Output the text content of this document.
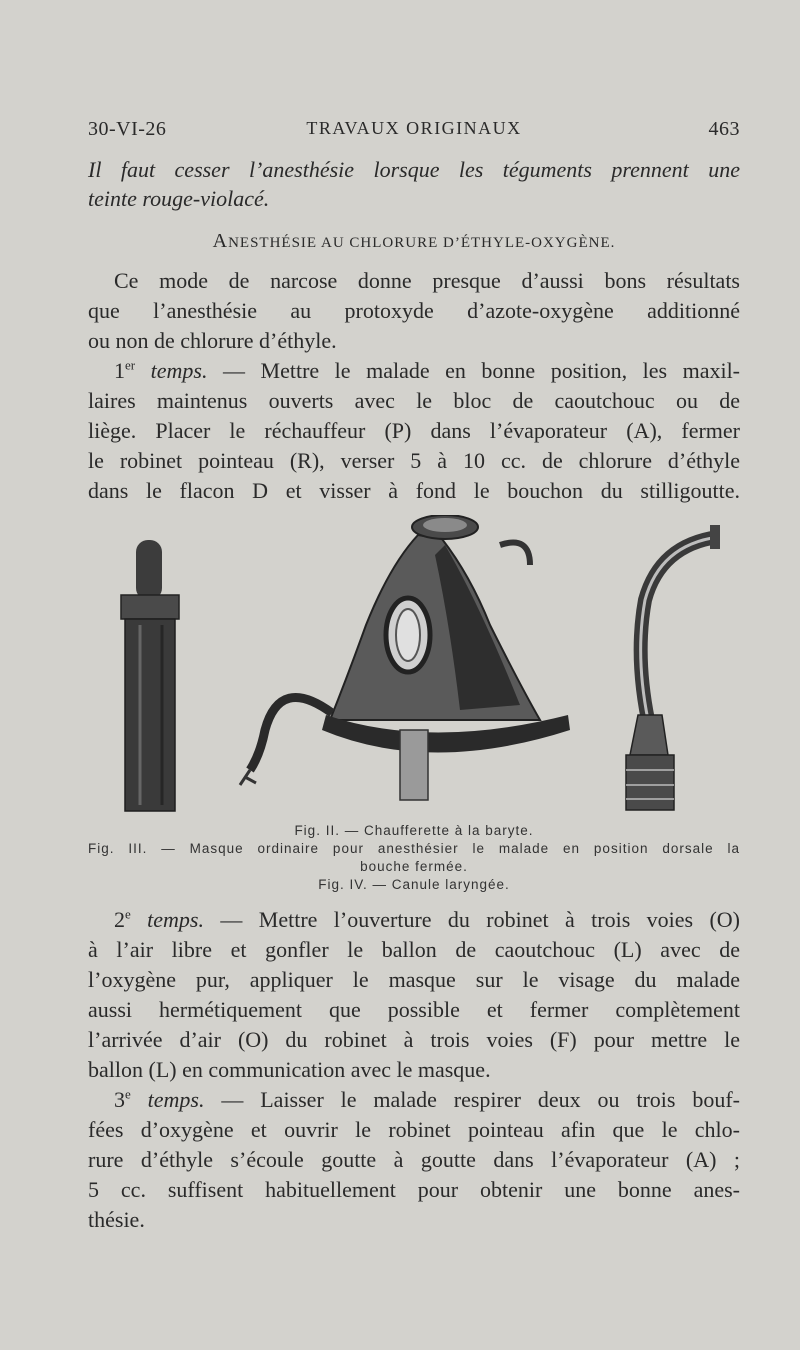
30-VI-26	TRAVAUX ORIGINAUX	463
Il faut cesser l’anesthésie lorsque les téguments prennent une
teinte rouge-violacé.
ANESTHÉSIE AU CHLORURE D’ÉTHYLE-OXYGÈNE.
Ce mode de narcose donne presque d’aussi bons résultats
que l’anesthésie au protoxyde d’azote-oxygène additionné
ou non de chlorure d’éthyle.
1er temps. — Mettre le malade en bonne position, les maxil-
laires maintenus ouverts avec le bloc de caoutchouc ou de
liège. Placer le réchauffeur (P) dans l’évaporateur (A), fermer
le robinet pointeau (R), verser 5 à 10 cc. de chlorure d’éthyle
dans le flacon D et visser à fond le bouchon du stilligoutte.
Fig. II. — Chaufferette à la baryte.
Fig. III. — Masque ordinaire pour anesthésier le malade en position dorsale la
bouche fermée.
Fig. IV. — Canule laryngée.
2e temps. — Mettre l’ouverture du robinet à trois voies (O)
à l’air libre et gonfler le ballon de caoutchouc (L) avec de
l’oxygène pur, appliquer le masque sur le visage du malade
aussi hermétiquement que possible et fermer complètement
l’arrivée d’air (O) du robinet à trois voies (F) pour mettre le
ballon (L) en communication avec le masque.
3e temps. — Laisser le malade respirer deux ou trois bouf-
fées d’oxygène et ouvrir le robinet pointeau afin que le chlo-
rure d’éthyle s’écoule goutte à goutte dans l’évaporateur (A) ;
5 cc. suffisent habituellement pour obtenir une bonne anes-
thésie.
